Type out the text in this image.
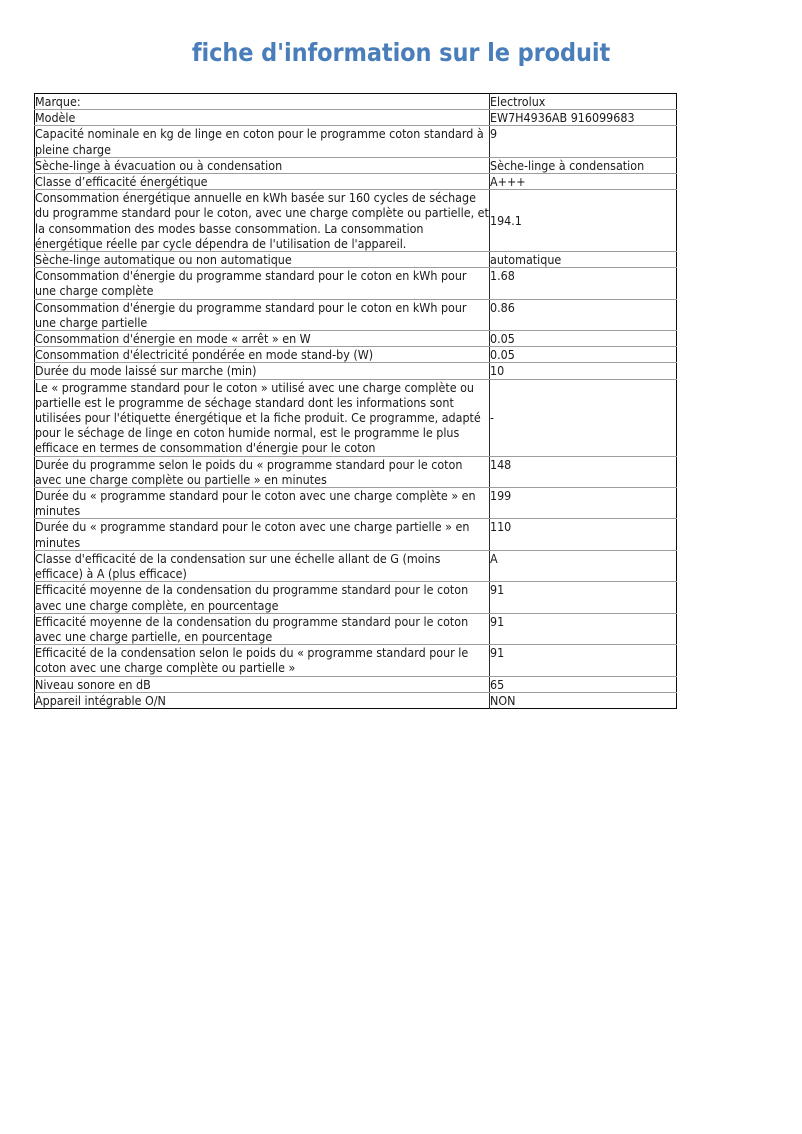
fiche d'information sur le produit
Marque:	Electrolux

Modèle	EW7H4936AB 916099683

Capacité nominale en kg de linge en coton pour le programme coton standard à pleine charge	9

Sèche-linge à évacuation ou à condensation	Sèche-linge à condensation

Classe d’efficacité énergétique	A+++

Consommation énergétique annuelle en kWh basée sur 160 cycles de séchage du programme standard pour le coton, avec une charge complète ou partielle, et la consommation des modes basse consommation. La consommation énergétique réelle par cycle dépendra de l'utilisation de l'appareil.	194.1

Sèche-linge automatique ou non automatique	automatique

Consommation d'énergie du programme standard pour le coton en kWh pour une charge complète	1.68

Consommation d'énergie du programme standard pour le coton en kWh pour une charge partielle	0.86

Consommation d'énergie en mode « arrêt » en W	0.05

Consommation d'électricité pondérée en mode stand-by (W)	0.05

Durée du mode laissé sur marche (min)	10

Le « programme standard pour le coton » utilisé avec une charge complète ou partielle est le programme de séchage standard dont les informations sont utilisées pour l'étiquette énergétique et la fiche produit. Ce programme, adapté pour le séchage de linge en coton humide normal, est le programme le plus efficace en termes de consommation d'énergie pour le coton	-

Durée du programme selon le poids du « programme standard pour le coton avec une charge complète ou partielle » en minutes	148

Durée du « programme standard pour le coton avec une charge complète » en minutes	199

Durée du « programme standard pour le coton avec une charge partielle » en minutes	110

Classe d'efficacité de la condensation sur une échelle allant de G (moins efficace) à A (plus efficace)	A

Efficacité moyenne de la condensation du programme standard pour le coton avec une charge complète, en pourcentage	91

Efficacité moyenne de la condensation du programme standard pour le coton avec une charge partielle, en pourcentage	91

Efficacité de la condensation selon le poids du « programme standard pour le coton avec une charge complète ou partielle »	91

Niveau sonore en dB	65

Appareil intégrable O/N	NON
